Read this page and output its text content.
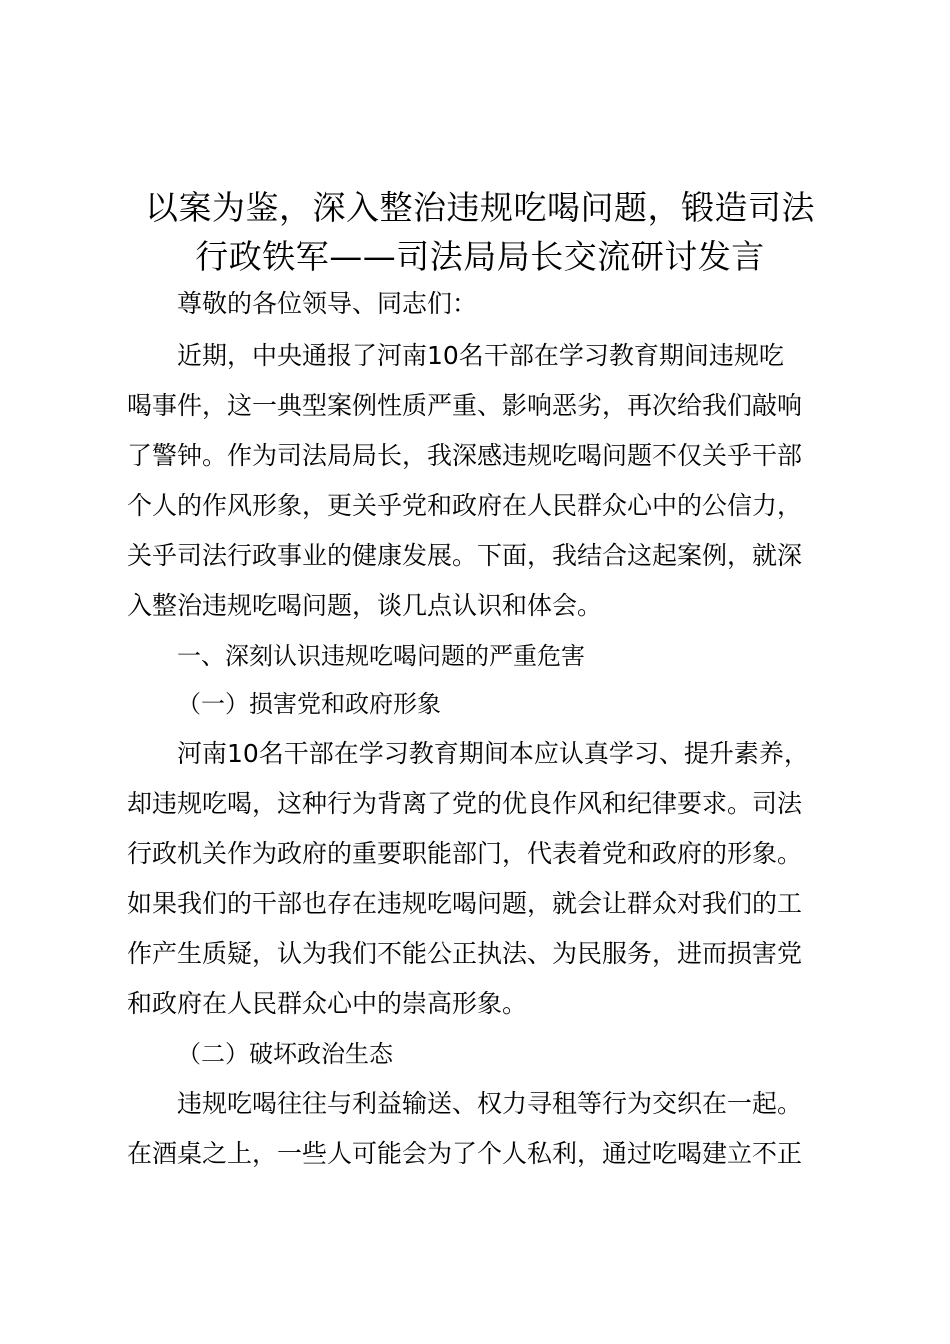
以案为鉴，深入整治违规吃喝问题，锻造司法
行政铁军——司法局局长交流研讨发言
尊敬的各位领导、同志们：
近期，中央通报了河南10名干部在学习教育期间违规吃
喝事件，这一典型案例性质严重、影响恶劣，再次给我们敲响
了警钟。作为司法局局长，我深感违规吃喝问题不仅关乎干部
个人的作风形象，更关乎党和政府在人民群众心中的公信力，
关乎司法行政事业的健康发展。下面，我结合这起案例，就深
入整治违规吃喝问题，谈几点认识和体会。
一、深刻认识违规吃喝问题的严重危害
（一）损害党和政府形象
河南10名干部在学习教育期间本应认真学习、提升素养，
却违规吃喝，这种行为背离了党的优良作风和纪律要求。司法
行政机关作为政府的重要职能部门，代表着党和政府的形象。
如果我们的干部也存在违规吃喝问题，就会让群众对我们的工
作产生质疑，认为我们不能公正执法、为民服务，进而损害党
和政府在人民群众心中的崇高形象。
（二）破坏政治生态
违规吃喝往往与利益输送、权力寻租等行为交织在一起。
在酒桌之上，一些人可能会为了个人私利，通过吃喝建立不正
